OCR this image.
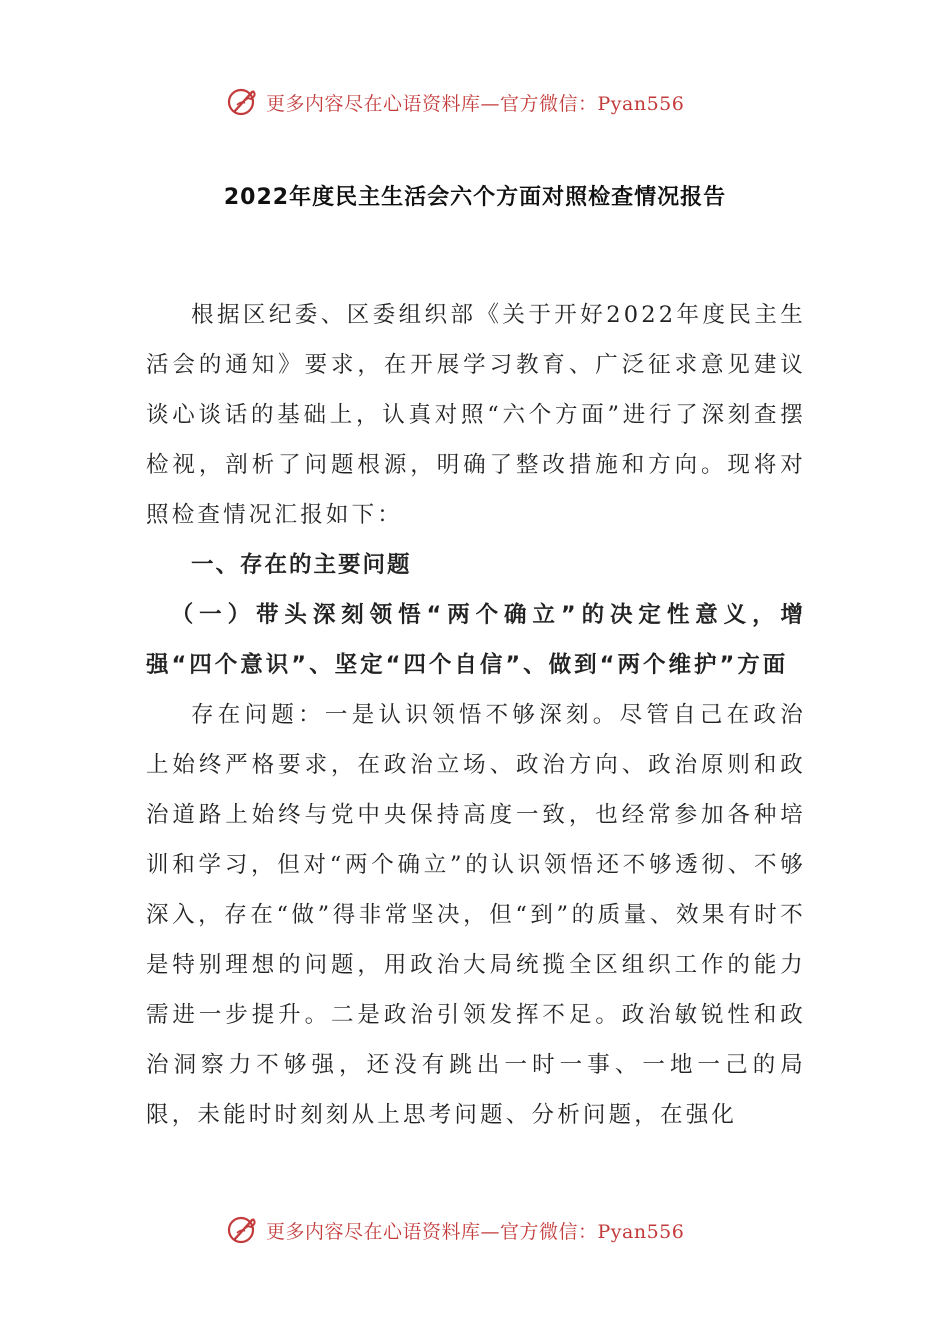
更多内容尽在心语资料库—官方微信：Pyan556
2022年度民主生活会六个方面对照检查情况报告

根据区纪委、区委组织部《关于开好2022年度民主生活会的通知》要求，在开展学习教育、广泛征求意见建议谈心谈话的基础上，认真对照“六个方面”进行了深刻查摆检视，剖析了问题根源，明确了整改措施和方向。现将对照检查情况汇报如下：

一、存在的主要问题

（一）带头深刻领悟“两个确立”的决定性意义，增强“四个意识”、坚定“四个自信”、做到“两个维护”方面

存在问题：一是认识领悟不够深刻。尽管自己在政治上始终严格要求，在政治立场、政治方向、政治原则和政治道路上始终与党中央保持高度一致，也经常参加各种培训和学习，但对“两个确立”的认识领悟还不够透彻、不够深入，存在“做”得非常坚决，但“到”的质量、效果有时不是特别理想的问题，用政治大局统揽全区组织工作的能力需进一步提升。二是政治引领发挥不足。政治敏锐性和政治洞察力不够强，还没有跳出一时一事、一地一己的局限，未能时时刻刻从上思考问题、分析问题，在强化

更多内容尽在心语资料库—官方微信：Pyan556
